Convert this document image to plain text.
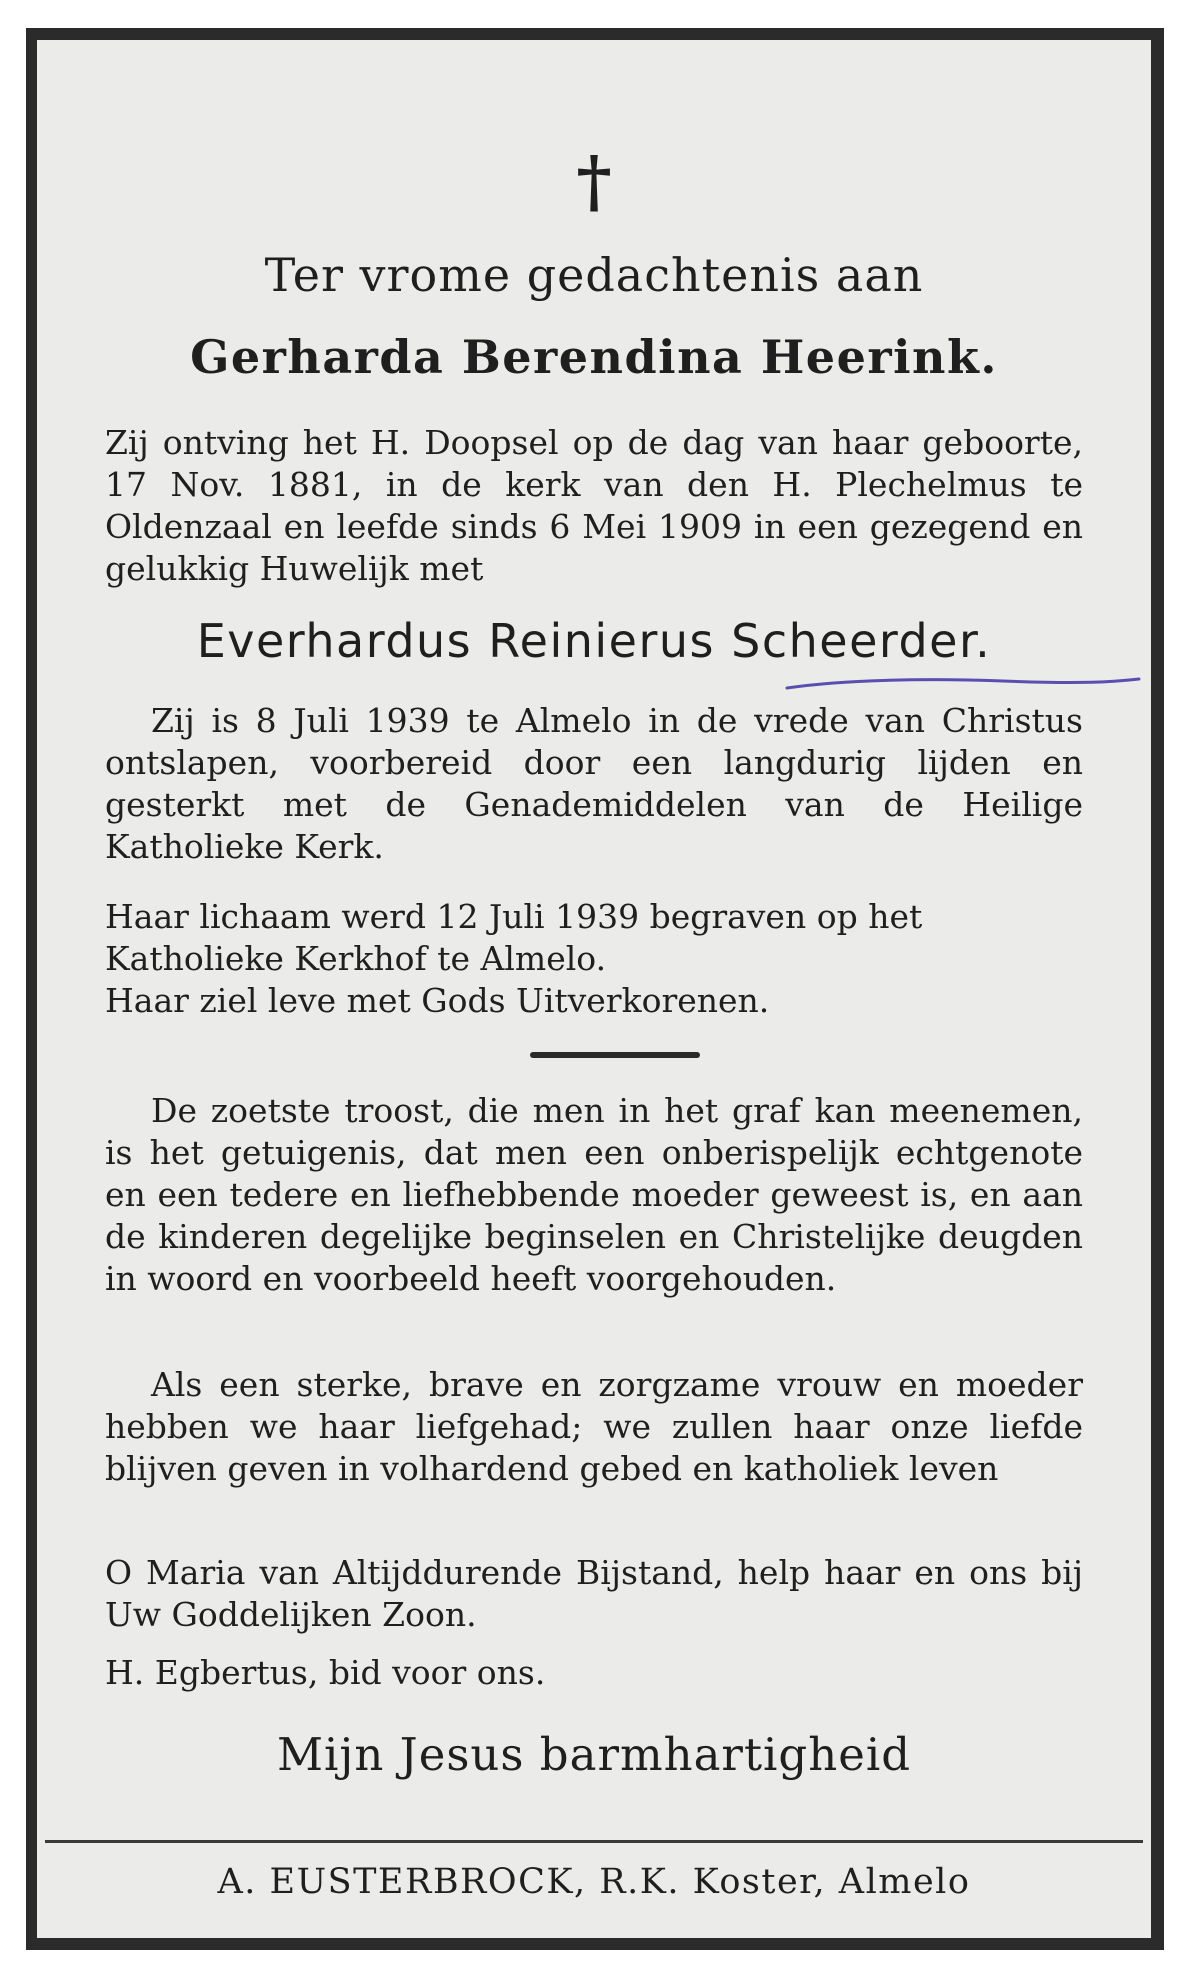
†
Ter vrome gedachtenis aan
Gerharda Berendina Heerink.
Zij ontving het H. Doopsel op de dag van haar geboorte, 17 Nov. 1881, in de kerk van den H. Plechelmus te Oldenzaal en leefde sinds 6 Mei 1909 in een gezegend en gelukkig Huwelijk met
Everhardus Reinierus Scheerder.
Zij is 8 Juli 1939 te Almelo in de vrede van Christus ontslapen, voorbereid door een langdurig lijden en gesterkt met de Genademiddelen van de Heilige Katholieke Kerk.
Haar lichaam werd 12 Juli 1939 begraven op het
Katholieke Kerkhof te Almelo.
Haar ziel leve met Gods Uitverkorenen.
De zoetste troost, die men in het graf kan meenemen, is het getuigenis, dat men een onberispelijk echtgenote en een tedere en liefhebbende moeder geweest is, en aan de kinderen degelijke beginselen en Christelijke deugden in woord en voorbeeld heeft voorgehouden.
Als een sterke, brave en zorgzame vrouw en moeder hebben we haar liefgehad; we zullen haar onze liefde blijven geven in volhardend gebed en katholiek leven
O Maria van Altijddurende Bijstand, help haar en ons bij Uw Goddelijken Zoon.
H. Egbertus, bid voor ons.
Mijn Jesus barmhartigheid
A. EUSTERBROCK, R.K. Koster, Almelo
